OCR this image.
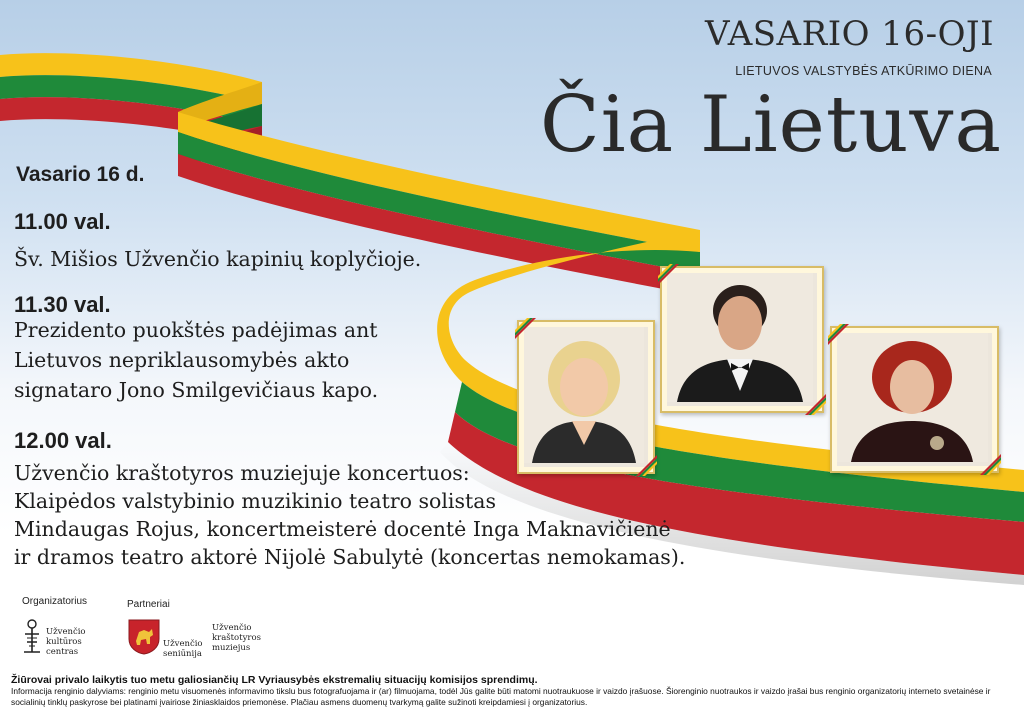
VASARIO 16-OJI
LIETUVOS VALSTYBĖS ATKŪRIMO DIENA
Čia Lietuva
Vasario 16 d.
11.00 val.
Šv. Mišios Užvenčio kapinių koplyčioje.
11.30 val.
Prezidento puokštės padėjimas ant
Lietuvos nepriklausomybės akto
signataro Jono Smilgevičiaus kapo.
12.00 val.
Užvenčio kraštotyros muziejuje koncertuos:
Klaipėdos valstybinio muzikinio teatro solistas
Mindaugas Rojus, koncertmeisterė docentė Inga Maknavičienė
ir dramos teatro aktorė Nijolė Sabulytė (koncertas nemokamas).
Organizatorius	Partneriai
Užvenčio
kultūros
centras
Užvenčio
seniūnija
Užvenčio
kraštotyros
muziejus
Žiūrovai privalo laikytis tuo metu galiosiančių LR Vyriausybės ekstremalių situacijų komisijos sprendimų.
Informacija renginio dalyviams: renginio metu visuomenės informavimo tikslu bus fotografuojama ir (ar) filmuojama, todėl Jūs galite būti matomi nuotraukuose ir vaizdo įrašuose. Šiorenginio nuotraukos ir vaizdo įrašai bus renginio organizatorių interneto svetainėse ir socialinių tinklų paskyrose bei platinami įvairiose žiniasklaidos priemonėse. Plačiau asmens duomenų tvarkymą galite sužinoti kreipdamiesi į organizatorius.
